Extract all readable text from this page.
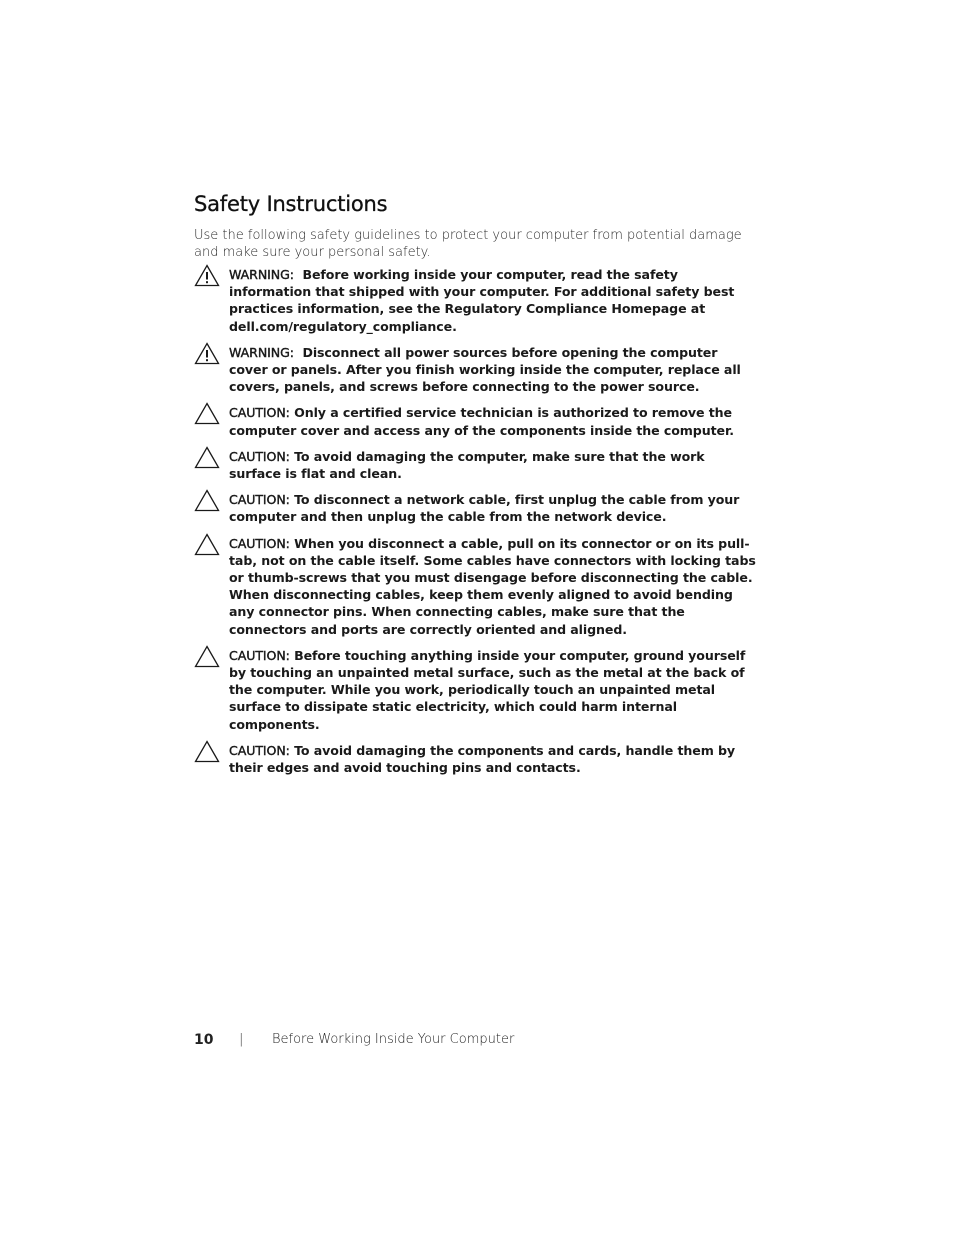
Safety Instructions

Use the following safety guidelines to protect your computer from potential damage and make sure your personal safety.

WARNING: Before working inside your computer, read the safety information that shipped with your computer. For additional safety best practices information, see the Regulatory Compliance Homepage at dell.com/regulatory_compliance.
WARNING: Disconnect all power sources before opening the computer cover or panels. After you finish working inside the computer, replace all covers, panels, and screws before connecting to the power source.
CAUTION: Only a certified service technician is authorized to remove the computer cover and access any of the components inside the computer.
CAUTION: To avoid damaging the computer, make sure that the work surface is flat and clean.
CAUTION: To disconnect a network cable, first unplug the cable from your computer and then unplug the cable from the network device.
CAUTION: When you disconnect a cable, pull on its connector or on its pull-tab, not on the cable itself. Some cables have connectors with locking tabs or thumb-screws that you must disengage before disconnecting the cable. When disconnecting cables, keep them evenly aligned to avoid bending any connector pins. When connecting cables, make sure that the connectors and ports are correctly oriented and aligned.
CAUTION: Before touching anything inside your computer, ground yourself by touching an unpainted metal surface, such as the metal at the back of the computer. While you work, periodically touch an unpainted metal surface to dissipate static electricity, which could harm internal components.
CAUTION: To avoid damaging the components and cards, handle them by their edges and avoid touching pins and contacts.
10 | Before Working Inside Your Computer
